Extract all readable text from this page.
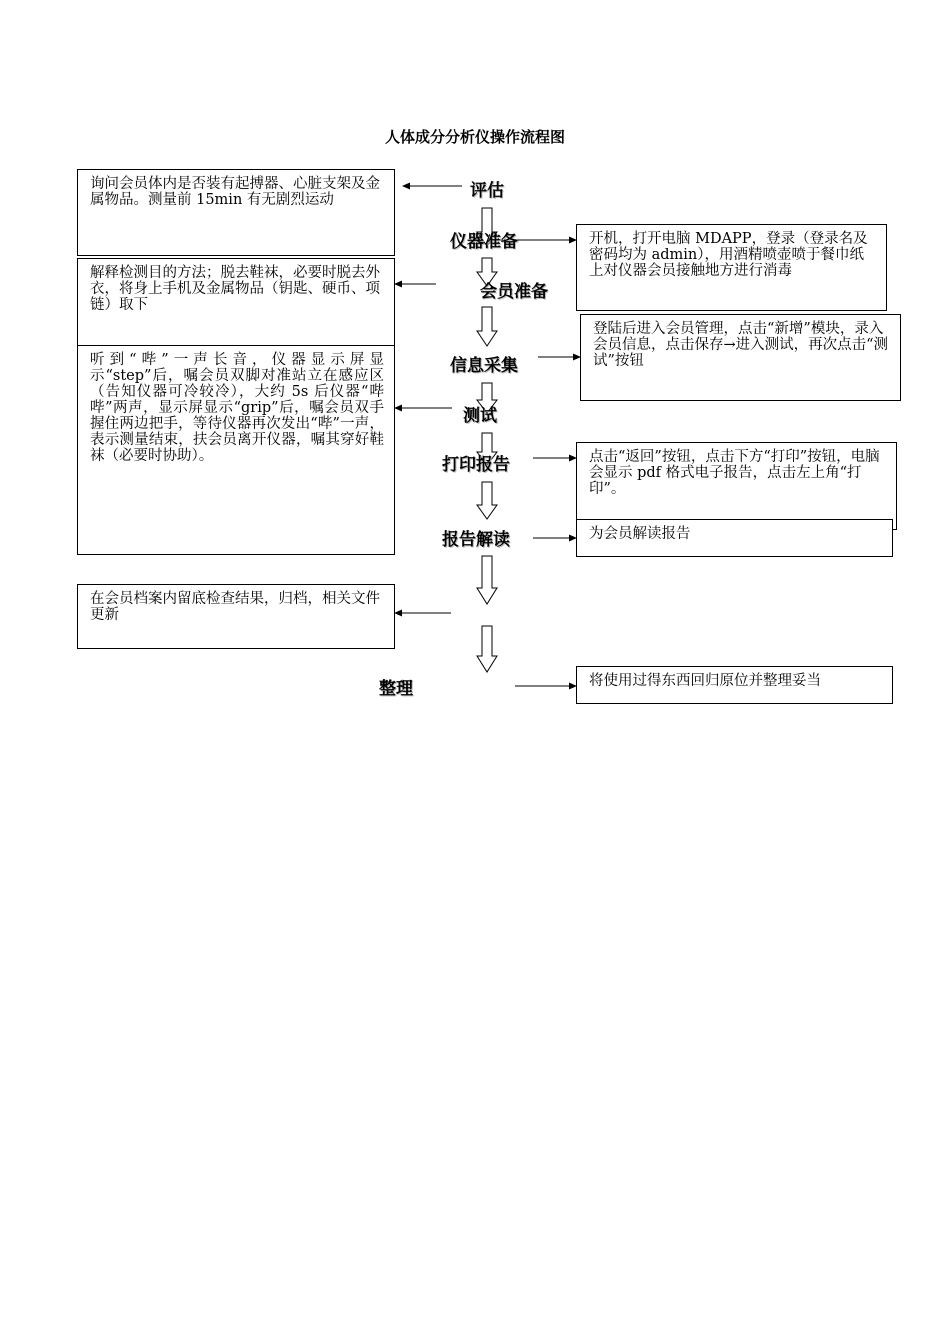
人体成分分析仪操作流程图
询问会员体内是否装有起搏器、心脏支架及金属物品。测量前 15min 有无剧烈运动
解释检测目的方法；脱去鞋袜，必要时脱去外衣，将身上手机及金属物品（钥匙、硬币、项链）取下
听到“哔”一声长音，仪器显示屏显示“step”后，嘱会员双脚对准站立在感应区（告知仪器可冷较冷），大约 5s 后仪器“哔哔”两声，显示屏显示“grip”后，嘱会员双手握住两边把手，等待仪器再次发出“哔”一声，表示测量结束，扶会员离开仪器，嘱其穿好鞋袜（必要时协助）。
在会员档案内留底检查结果，归档，相关文件更新
开机，打开电脑 MDAPP，登录（登录名及密码均为 admin），用酒精喷壶喷于餐巾纸上对仪器会员接触地方进行消毒
登陆后进入会员管理，点击“新增”模块，录入会员信息，点击保存→进入测试，再次点击“测试”按钮
点击“返回”按钮，点击下方“打印”按钮，电脑会显示 pdf 格式电子报告，点击左上角“打印”。
为会员解读报告
将使用过得东西回归原位并整理妥当
评估
仪器准备
会员准备
信息采集
测试
打印报告
报告解读
整理
